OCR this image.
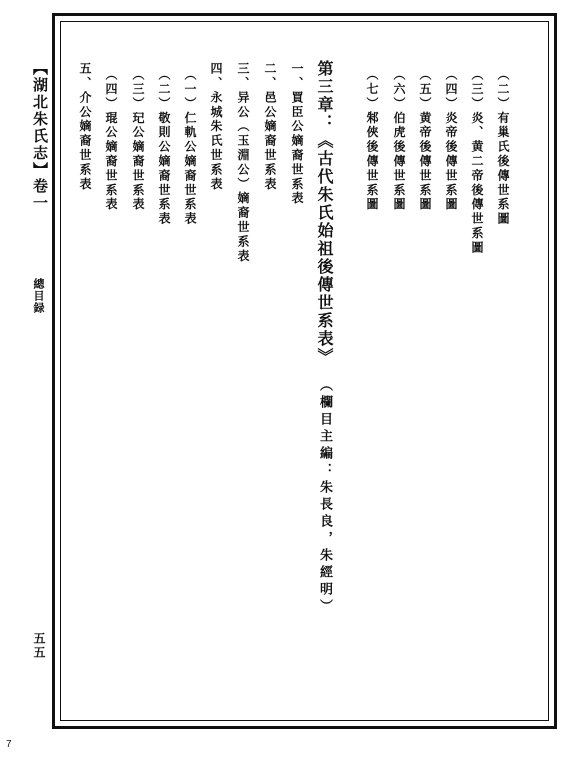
【湖北朱氏志】
卷一
總目録
五五
（二）有巢氏後傳世系圖
（三）炎、黄二帝後傳世系圖
（四）炎帝後傳世系圖
（五）黄帝後傳世系圖
（六）伯虎後傳世系圖
（七）邾俠後傳世系圖
第三章：《古代朱氏始祖後傳世系表》
（欄目主編：朱長良，朱經明）
一、買臣公嫡裔世系表
二、邑公嫡裔世系表
三、异公（玉淵公）嫡裔世系表
四、永城朱氏世系表
（一）仁軌公嫡裔世系表
（二）敬則公嫡裔世系表
（三）玘公嫡裔世系表
（四）琨公嫡裔世系表
五、介公嫡裔世系表
7
